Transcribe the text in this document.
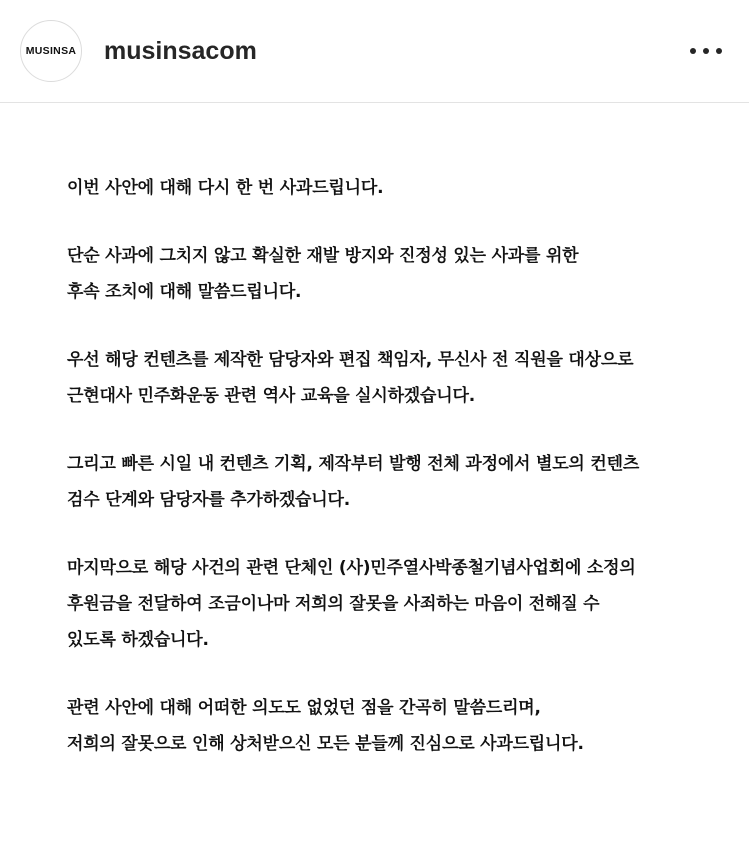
MUSINSA musinsacom
이번 사안에 대해 다시 한 번 사과드립니다.
단순 사과에 그치지 않고 확실한 재발 방지와 진정성 있는 사과를 위한
후속 조치에 대해 말씀드립니다.
우선 해당 컨텐츠를 제작한 담당자와 편집 책임자, 무신사 전 직원을 대상으로
근현대사 민주화운동 관련 역사 교육을 실시하겠습니다.
그리고 빠른 시일 내 컨텐츠 기획, 제작부터 발행 전체 과정에서 별도의 컨텐츠
검수 단계와 담당자를 추가하겠습니다.
마지막으로 해당 사건의 관련 단체인 (사)민주열사박종철기념사업회에 소정의
후원금을 전달하여 조금이나마 저희의 잘못을 사죄하는 마음이 전해질 수
있도록 하겠습니다.
관련 사안에 대해 어떠한 의도도 없었던 점을 간곡히 말씀드리며,
저희의 잘못으로 인해 상처받으신 모든 분들께 진심으로 사과드립니다.
